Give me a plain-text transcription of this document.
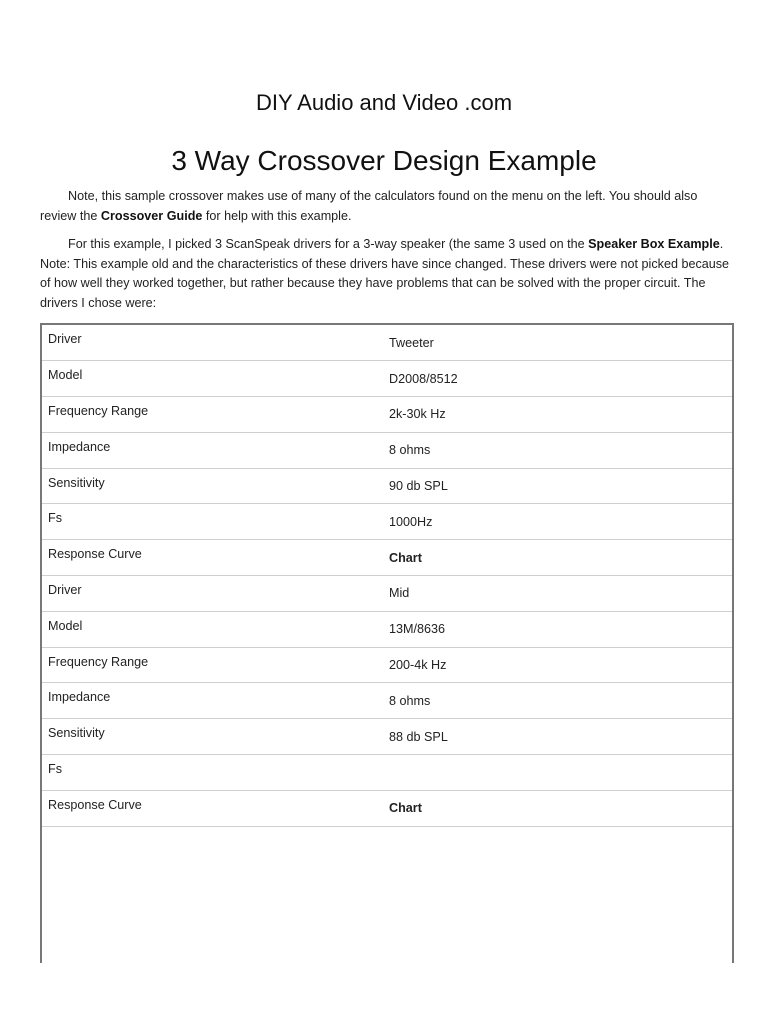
DIY Audio and Video .com
3 Way Crossover Design Example

Note, this sample crossover makes use of many of the calculators found on the menu on the left. You should also review the Crossover Guide for help with this example.

For this example, I picked 3 ScanSpeak drivers for a 3-way speaker (the same 3 used on the Speaker Box Example. Note: This example old and the characteristics of these drivers have since changed. These drivers were not picked because of how well they worked together, but rather because they have problems that can be solved with the proper circuit. The drivers I chose were:

Driver	Tweeter
Model	D2008/8512
Frequency Range	2k-30k Hz
Impedance	8 ohms
Sensitivity	90 db SPL
Fs	1000Hz
Response Curve	Chart
Driver	Mid
Model	13M/8636
Frequency Range	200-4k Hz
Impedance	8 ohms
Sensitivity	88 db SPL
Fs	
Response Curve	Chart
